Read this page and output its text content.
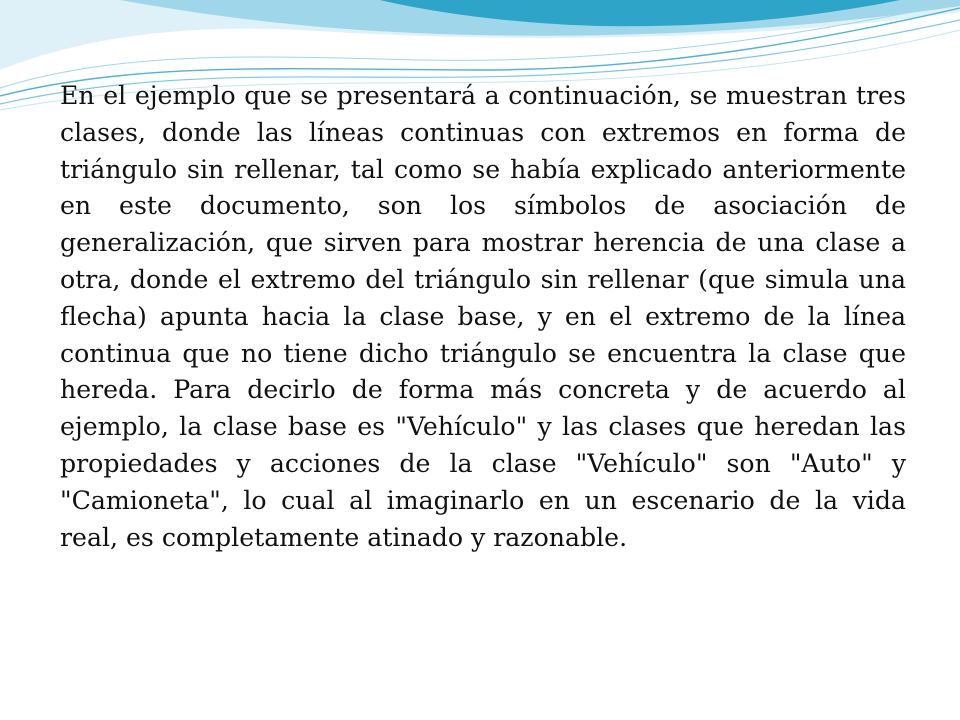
En el ejemplo que se presentará a continuación, se muestran tres clases, donde las líneas continuas con extremos en forma de triángulo sin rellenar, tal como se había explicado anteriormente en este documento, son los símbolos de asociación de generalización, que sirven para mostrar herencia de una clase a otra, donde el extremo del triángulo sin rellenar (que simula una flecha) apunta hacia la clase base, y en el extremo de la línea continua que no tiene dicho triángulo se encuentra la clase que hereda. Para decirlo de forma más concreta y de acuerdo al ejemplo, la clase base es "Vehículo" y las clases que heredan las propiedades y acciones de la clase "Vehículo" son "Auto" y "Camioneta", lo cual al imaginarlo en un escenario de la vida real, es completamente atinado y razonable.
